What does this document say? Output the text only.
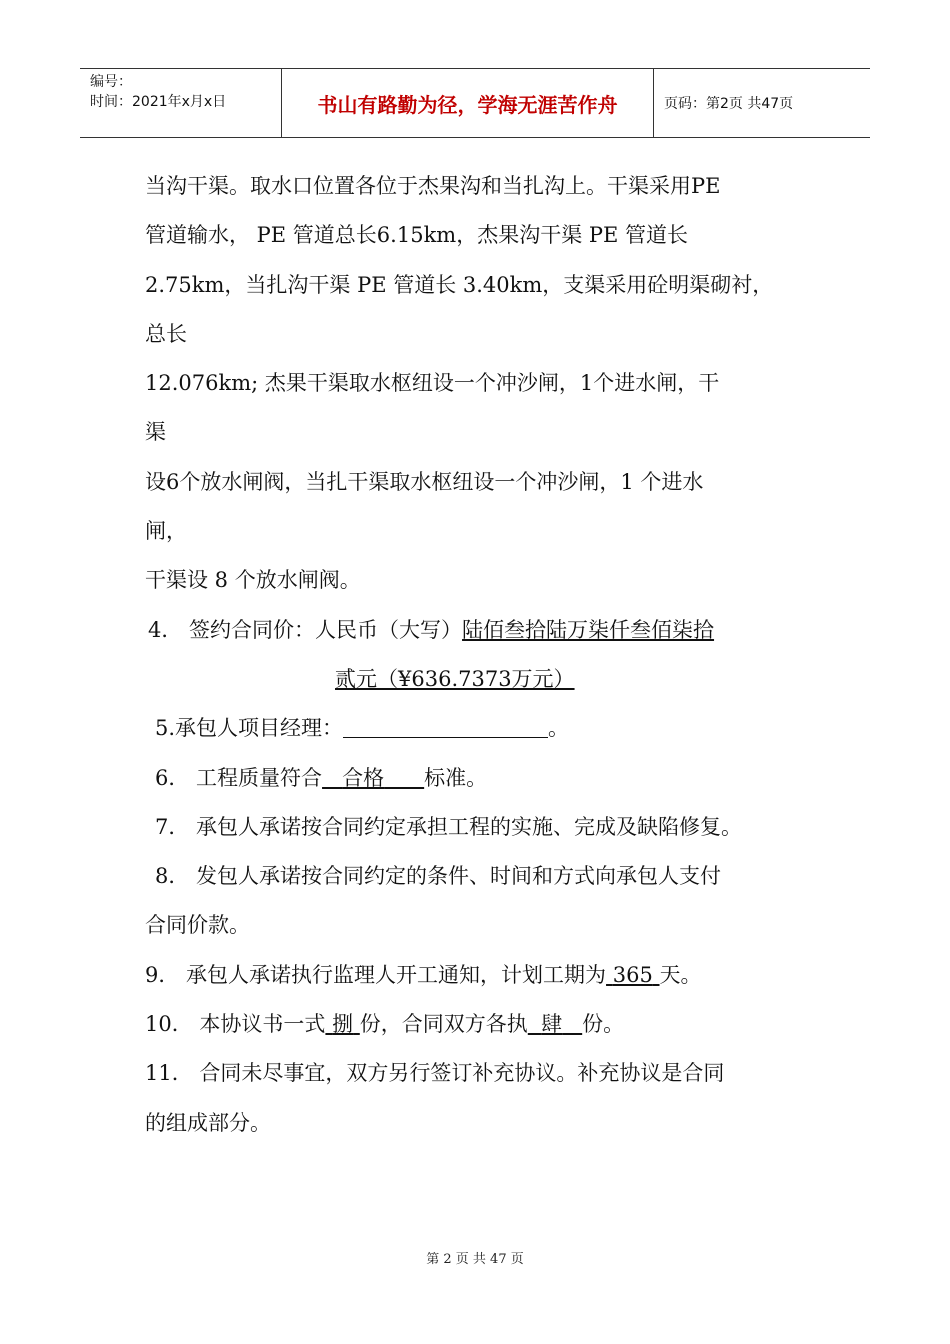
编号：
时间：2021年x月x日	书山有路勤为径，学海无涯苦作舟	页码：第2页 共47页
当沟干渠。取水口位置各位于杰果沟和当扎沟上。干渠采用PE
管道输水， PE 管道总长6.15km，杰果沟干渠 PE 管道长
2.75km，当扎沟干渠 PE 管道长 3.40km，支渠采用砼明渠砌衬，
总长
12.076km; 杰果干渠取水枢纽设一个冲沙闸，1个进水闸，干
渠
设6个放水闸阀，当扎干渠取水枢纽设一个冲沙闸，1 个进水
闸，
干渠设 8 个放水闸阀。
4． 签约合同价：人民币（大写）陆佰叁拾陆万柒仟叁佰柒拾
贰元（¥636.7373万元）
5.承包人项目经理：	。
6． 工程质量符合 合格 标准。
7． 承包人承诺按合同约定承担工程的实施、完成及缺陷修复。
8． 发包人承诺按合同约定的条件、时间和方式向承包人支付
合同价款。
9． 承包人承诺执行监理人开工通知，计划工期为 365 天。
10． 本协议书一式 捌 份，合同双方各执 肆 份。
11． 合同未尽事宜，双方另行签订补充协议。补充协议是合同
的组成部分。
第 2 页 共 47 页
